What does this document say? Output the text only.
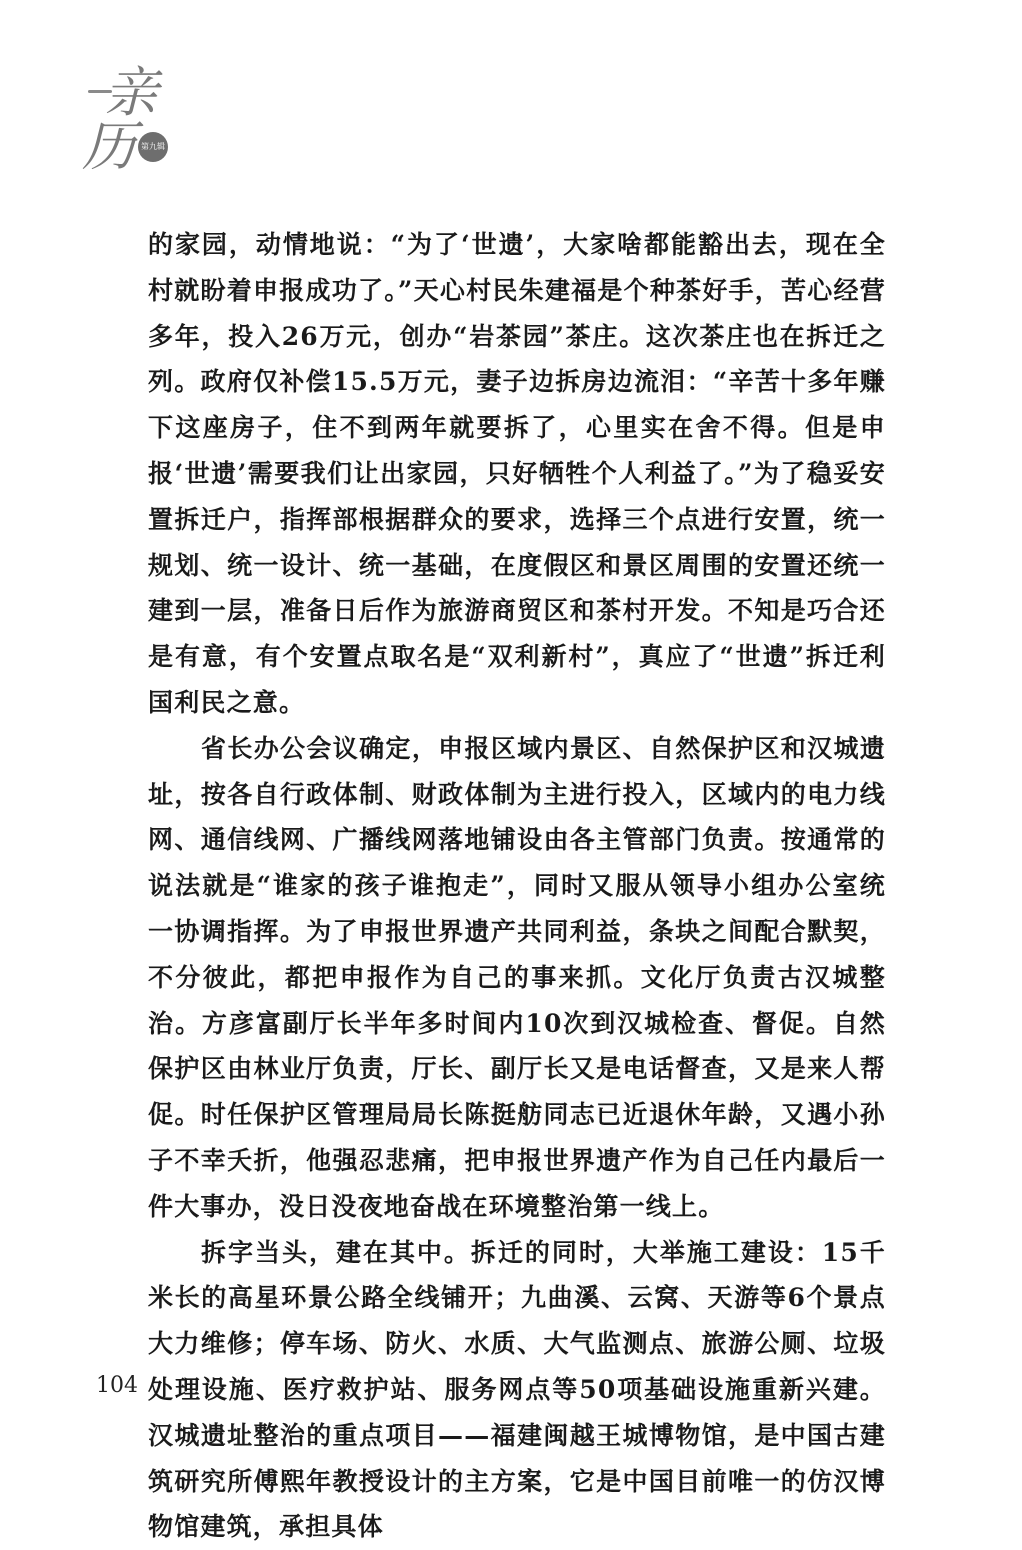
亲
历 第九辑

的家园，动情地说：“为了‘世遗’，大家啥都能豁出去，现在全村就盼着申报成功了。”天心村民朱建福是个种茶好手，苦心经营多年，投入26万元，创办“岩茶园”茶庄。这次茶庄也在拆迁之列。政府仅补偿15.5万元，妻子边拆房边流泪：“辛苦十多年赚下这座房子，住不到两年就要拆了，心里实在舍不得。但是申报‘世遗’需要我们让出家园，只好牺牲个人利益了。”为了稳妥安置拆迁户，指挥部根据群众的要求，选择三个点进行安置，统一规划、统一设计、统一基础，在度假区和景区周围的安置还统一建到一层，准备日后作为旅游商贸区和茶村开发。不知是巧合还是有意，有个安置点取名是“双利新村”，真应了“世遗”拆迁利国利民之意。

省长办公会议确定，申报区域内景区、自然保护区和汉城遗址，按各自行政体制、财政体制为主进行投入，区域内的电力线网、通信线网、广播线网落地铺设由各主管部门负责。按通常的说法就是“谁家的孩子谁抱走”，同时又服从领导小组办公室统一协调指挥。为了申报世界遗产共同利益，条块之间配合默契，不分彼此，都把申报作为自己的事来抓。文化厅负责古汉城整治。方彦富副厅长半年多时间内10次到汉城检查、督促。自然保护区由林业厅负责，厅长、副厅长又是电话督查，又是来人帮促。时任保护区管理局局长陈挺舫同志已近退休年龄，又遇小孙子不幸夭折，他强忍悲痛，把申报世界遗产作为自己任内最后一件大事办，没日没夜地奋战在环境整治第一线上。

拆字当头，建在其中。拆迁的同时，大举施工建设：15千米长的高星环景公路全线铺开；九曲溪、云窝、天游等6个景点大力维修；停车场、防火、水质、大气监测点、旅游公厕、垃圾处理设施、医疗救护站、服务网点等50项基础设施重新兴建。汉城遗址整治的重点项目——福建闽越王城博物馆，是中国古建筑研究所傅熙年教授设计的主方案，它是中国目前唯一的仿汉博物馆建筑，承担具体

104
